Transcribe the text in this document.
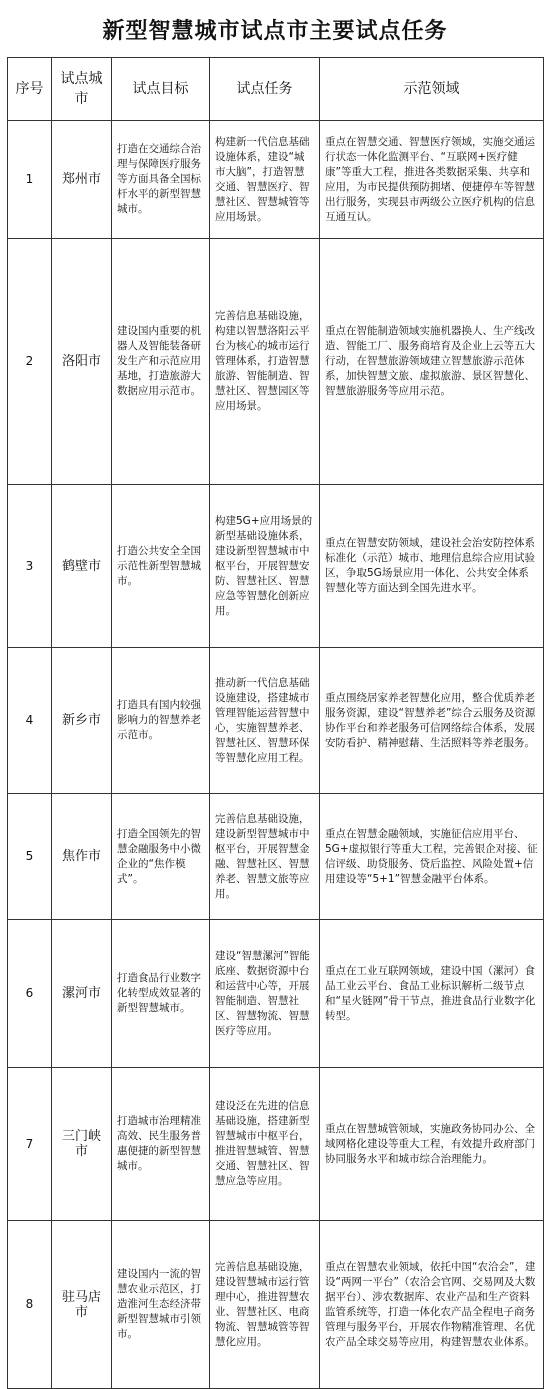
新型智慧城市试点市主要试点任务
序号	试点城市	试点目标	试点任务	示范领域
1	郑州市	打造在交通综合治理与保障医疗服务等方面具备全国标杆水平的新型智慧城市。	构建新一代信息基础设施体系，建设“城市大脑”，打造智慧交通、智慧医疗、智慧社区、智慧城管等应用场景。	重点在智慧交通、智慧医疗领域，实施交通运行状态一体化监测平台、“互联网+医疗健康”等重大工程，推进各类数据采集、共享和应用，为市民提供预防拥堵、便捷停车等智慧出行服务，实现县市两级公立医疗机构的信息互通互认。
2	洛阳市	建设国内重要的机器人及智能装备研发生产和示范应用基地，打造旅游大数据应用示范市。	完善信息基础设施，构建以智慧洛阳云平台为核心的城市运行管理体系，打造智慧旅游、智能制造、智慧社区、智慧园区等应用场景。	重点在智能制造领域实施机器换人、生产线改造、智能工厂、服务商培育及企业上云等五大行动，在智慧旅游领域建立智慧旅游示范体系，加快智慧文旅、虚拟旅游、景区智慧化、智慧旅游服务等应用示范。
3	鹤壁市	打造公共安全全国示范性新型智慧城市。	构建5G+应用场景的新型基础设施体系，建设新型智慧城市中枢平台，开展智慧安防、智慧社区、智慧应急等智慧化创新应用。	重点在智慧安防领域，建设社会治安防控体系标准化（示范）城市、地理信息综合应用试验区，争取5G场景应用一体化、公共安全体系智慧化等方面达到全国先进水平。
4	新乡市	打造具有国内较强影响力的智慧养老示范市。	推动新一代信息基础设施建设，搭建城市管理智能运营智慧中心，实施智慧养老、智慧社区、智慧环保等智慧化应用工程。	重点围绕居家养老智慧化应用，整合优质养老服务资源，建设“智慧养老”综合云服务及资源协作平台和养老服务可信网络综合体系，发展安防看护、精神慰藉、生活照料等养老服务。
5	焦作市	打造全国领先的智慧金融服务中小微企业的“焦作模式”。	完善信息基础设施，建设新型智慧城市中枢平台，开展智慧金融、智慧社区、智慧养老、智慧文旅等应用。	重点在智慧金融领域，实施征信应用平台、5G+虚拟银行等重大工程，完善银企对接、征信评级、助贷服务、贷后监控、风险处置+信用建设等“5+1”智慧金融平台体系。
6	漯河市	打造食品行业数字化转型成效显著的新型智慧城市。	建设“智慧漯河”智能底座、数据资源中台和运营中心等，开展智能制造、智慧社区、智慧物流、智慧医疗等应用。	重点在工业互联网领域，建设中国（漯河）食品工业云平台、食品工业标识解析二级节点和“星火链网”骨干节点，推进食品行业数字化转型。
7	三门峡市	打造城市治理精准高效、民生服务普惠便捷的新型智慧城市。	建设泛在先进的信息基础设施，搭建新型智慧城市中枢平台，推进智慧城管、智慧交通、智慧社区、智慧应急等应用。	重点在智慧城管领域，实施政务协同办公、全域网格化建设等重大工程，有效提升政府部门协同服务水平和城市综合治理能力。
8	驻马店市	建设国内一流的智慧农业示范区，打造淮河生态经济带新型智慧城市引领市。	完善信息基础设施，建设智慧城市运行管理中心，推进智慧农业、智慧社区、电商物流、智慧城管等智慧化应用。	重点在智慧农业领域，依托中国“农洽会”，建设“两网一平台”（农洽会官网、交易网及大数据平台）、涉农数据库、农业产品和生产资料监管系统等，打造一体化农产品全程电子商务管理与服务平台，开展农作物精准管理、名优农产品全球交易等应用，构建智慧农业体系。
